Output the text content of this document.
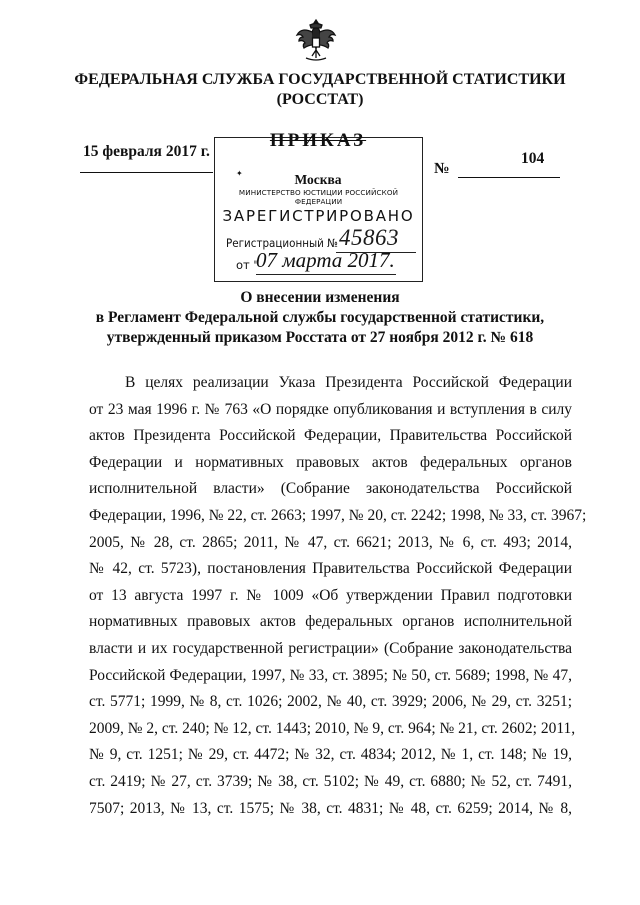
ФЕДЕРАЛЬНАЯ СЛУЖБА ГОСУДАРСТВЕННОЙ СТАТИСТИКИ
(РОССТАТ)
15 февраля 2017 г.
ПРИКАЗ
Москва
✦
МИНИСТЕРСТВО ЮСТИЦИИ РОССИЙСКОЙ ФЕДЕРАЦИИ
ЗАРЕГИСТРИРОВАНО
Регистрационный № 45863
от "
07 марта 2017.
№
104
О внесении изменения
в Регламент Федеральной службы государственной статистики,
утвержденный приказом Росстата от 27 ноября 2012 г. № 618
В целях реализации Указа Президента Российской Федерации
от 23 мая 1996 г. № 763 «О порядке опубликования и вступления в силу
актов Президента Российской Федерации, Правительства Российской
Федерации и нормативных правовых актов федеральных органов
исполнительной власти» (Собрание законодательства Российской
Федерации, 1996, № 22, ст. 2663; 1997, № 20, ст. 2242; 1998, № 33, ст. 3967;
2005, № 28, ст. 2865; 2011, № 47, ст. 6621; 2013, № 6, ст. 493; 2014,
№ 42, ст. 5723), постановления Правительства Российской Федерации
от 13 августа 1997 г. № 1009 «Об утверждении Правил подготовки
нормативных правовых актов федеральных органов исполнительной
власти и их государственной регистрации» (Собрание законодательства
Российской Федерации, 1997, № 33, ст. 3895; № 50, ст. 5689; 1998, № 47,
ст. 5771; 1999, № 8, ст. 1026; 2002, № 40, ст. 3929; 2006, № 29, ст. 3251;
2009, № 2, ст. 240; № 12, ст. 1443; 2010, № 9, ст. 964; № 21, ст. 2602; 2011,
№ 9, ст. 1251; № 29, ст. 4472; № 32, ст. 4834; 2012, № 1, ст. 148; № 19,
ст. 2419; № 27, ст. 3739; № 38, ст. 5102; № 49, ст. 6880; № 52, ст. 7491,
7507; 2013, № 13, ст. 1575; № 38, ст. 4831; № 48, ст. 6259; 2014, № 8,
